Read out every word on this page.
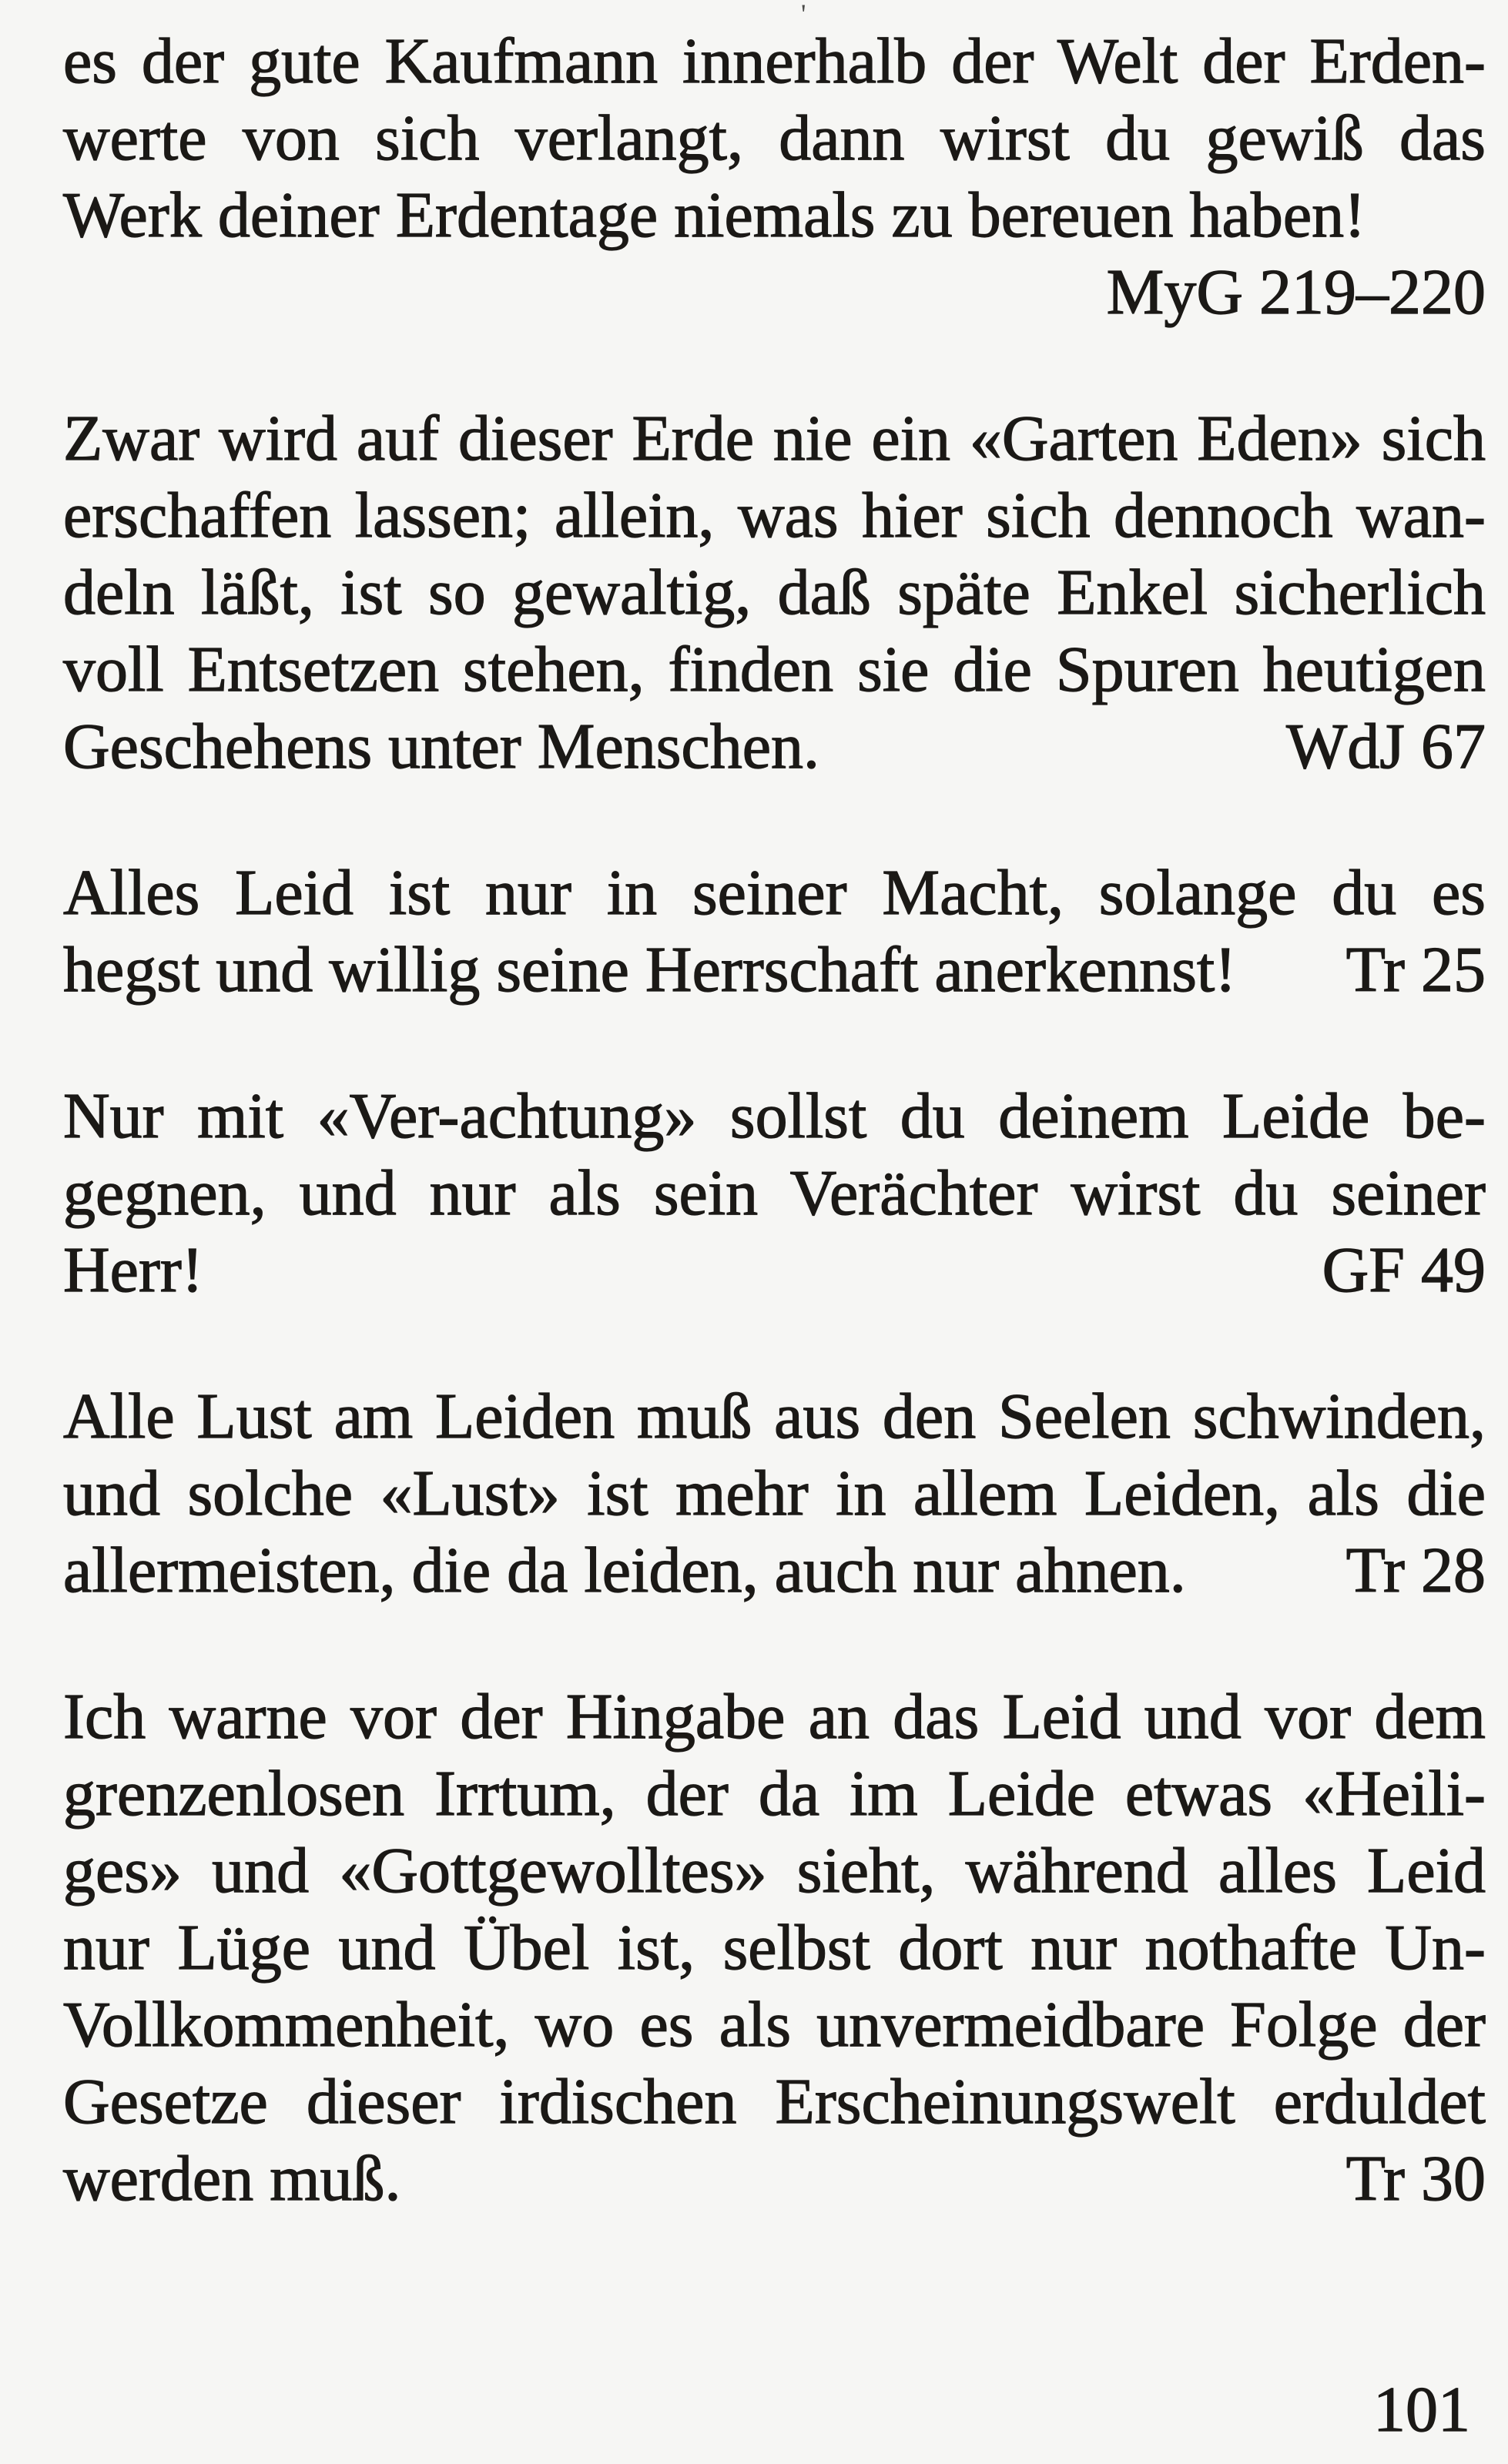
'
es der gute Kaufmann innerhalb der Welt der Erden-
werte von sich verlangt, dann wirst du gewiß das
Werk deiner Erdentage niemals zu bereuen haben!
MyG 219–220
Zwar wird auf dieser Erde nie ein «Garten Eden» sich
erschaffen lassen; allein, was hier sich dennoch wan-
deln läßt, ist so gewaltig, daß späte Enkel sicherlich
voll Entsetzen stehen, finden sie die Spuren heutigen
Geschehens unter Menschen.	WdJ 67
Alles Leid ist nur in seiner Macht, solange du es
hegst und willig seine Herrschaft anerkennst! Tr 25
Nur mit «Ver-achtung» sollst du deinem Leide be-
gegnen, und nur als sein Verächter wirst du seiner
Herr!	GF 49
Alle Lust am Leiden muß aus den Seelen schwinden,
und solche «Lust» ist mehr in allem Leiden, als die
allermeisten, die da leiden, auch nur ahnen. Tr 28
Ich warne vor der Hingabe an das Leid und vor dem
grenzenlosen Irrtum, der da im Leide etwas «Heili-
ges» und «Gottgewolltes» sieht, während alles Leid
nur Lüge und Übel ist, selbst dort nur nothafte Un-
Vollkommenheit, wo es als unvermeidbare Folge der
Gesetze dieser irdischen Erscheinungswelt erduldet
werden muß.	Tr 30
101
